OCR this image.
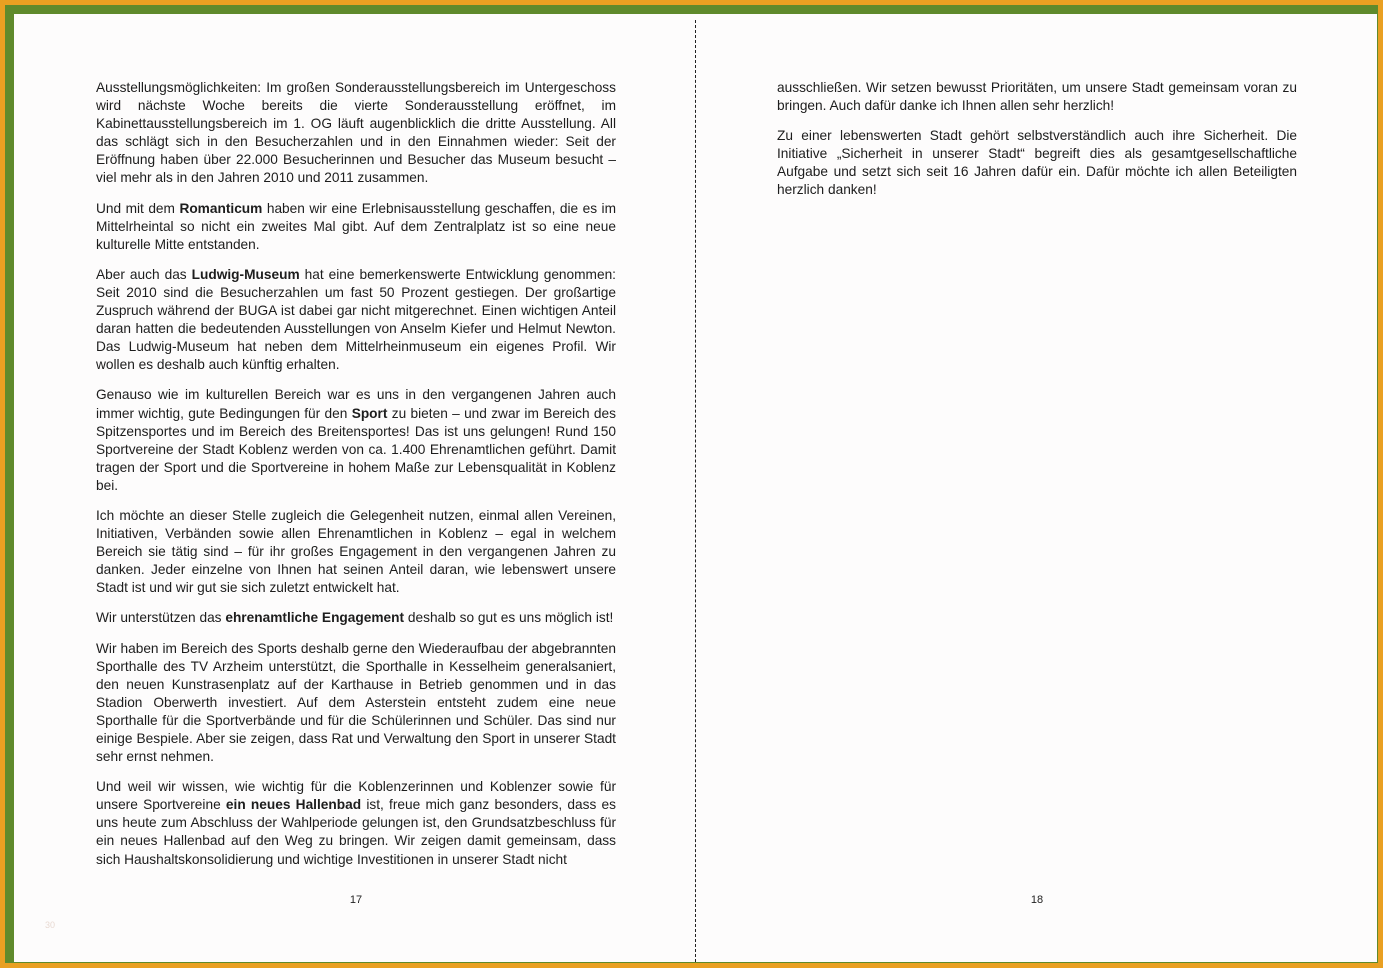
Ausstellungsmöglichkeiten: Im großen Sonderausstellungsbereich im Untergeschoss wird nächste Woche bereits die vierte Sonderausstellung eröffnet, im Kabinettausstellungsbereich im 1. OG läuft augenblicklich die dritte Ausstellung. All das schlägt sich in den Besucherzahlen und in den Einnahmen wieder: Seit der Eröffnung haben über 22.000 Besucherinnen und Besucher das Museum besucht – viel mehr als in den Jahren 2010 und 2011 zusammen.

Und mit dem Romanticum haben wir eine Erlebnisausstellung geschaffen, die es im Mittelrheintal so nicht ein zweites Mal gibt. Auf dem Zentralplatz ist so eine neue kulturelle Mitte entstanden.

Aber auch das Ludwig-Museum hat eine bemerkenswerte Entwicklung genommen: Seit 2010 sind die Besucherzahlen um fast 50 Prozent gestiegen. Der großartige Zuspruch während der BUGA ist dabei gar nicht mitgerechnet. Einen wichtigen Anteil daran hatten die bedeutenden Ausstellungen von Anselm Kiefer und Helmut Newton. Das Ludwig-Museum hat neben dem Mittelrheinmuseum ein eigenes Profil. Wir wollen es deshalb auch künftig erhalten.

Genauso wie im kulturellen Bereich war es uns in den vergangenen Jahren auch immer wichtig, gute Bedingungen für den Sport zu bieten – und zwar im Bereich des Spitzensportes und im Bereich des Breitensportes! Das ist uns gelungen! Rund 150 Sportvereine der Stadt Koblenz werden von ca. 1.400 Ehrenamtlichen geführt. Damit tragen der Sport und die Sportvereine in hohem Maße zur Lebensqualität in Koblenz bei.

Ich möchte an dieser Stelle zugleich die Gelegenheit nutzen, einmal allen Vereinen, Initiativen, Verbänden sowie allen Ehrenamtlichen in Koblenz – egal in welchem Bereich sie tätig sind – für ihr großes Engagement in den vergangenen Jahren zu danken. Jeder einzelne von Ihnen hat seinen Anteil daran, wie lebenswert unsere Stadt ist und wir gut sie sich zuletzt entwickelt hat.

Wir unterstützen das ehrenamtliche Engagement deshalb so gut es uns möglich ist!

Wir haben im Bereich des Sports deshalb gerne den Wiederaufbau der abgebrannten Sporthalle des TV Arzheim unterstützt, die Sporthalle in Kesselheim generalsaniert, den neuen Kunstrasenplatz auf der Karthause in Betrieb genommen und in das Stadion Oberwerth investiert. Auf dem Asterstein entsteht zudem eine neue Sporthalle für die Sportverbände und für die Schülerinnen und Schüler. Das sind nur einige Bespiele. Aber sie zeigen, dass Rat und Verwaltung den Sport in unserer Stadt sehr ernst nehmen.

Und weil wir wissen, wie wichtig für die Koblenzerinnen und Koblenzer sowie für unsere Sportvereine ein neues Hallenbad ist, freue mich ganz besonders, dass es uns heute zum Abschluss der Wahlperiode gelungen ist, den Grundsatzbeschluss für ein neues Hallenbad auf den Weg zu bringen. Wir zeigen damit gemeinsam, dass sich Haushaltskonsolidierung und wichtige Investitionen in unserer Stadt nicht

17

ausschließen. Wir setzen bewusst Prioritäten, um unsere Stadt gemeinsam voran zu bringen. Auch dafür danke ich Ihnen allen sehr herzlich!

Zu einer lebenswerten Stadt gehört selbstverständlich auch ihre Sicherheit. Die Initiative „Sicherheit in unserer Stadt“ begreift dies als gesamtgesellschaftliche Aufgabe und setzt sich seit 16 Jahren dafür ein. Dafür möchte ich allen Beteiligten herzlich danken!

18
30
